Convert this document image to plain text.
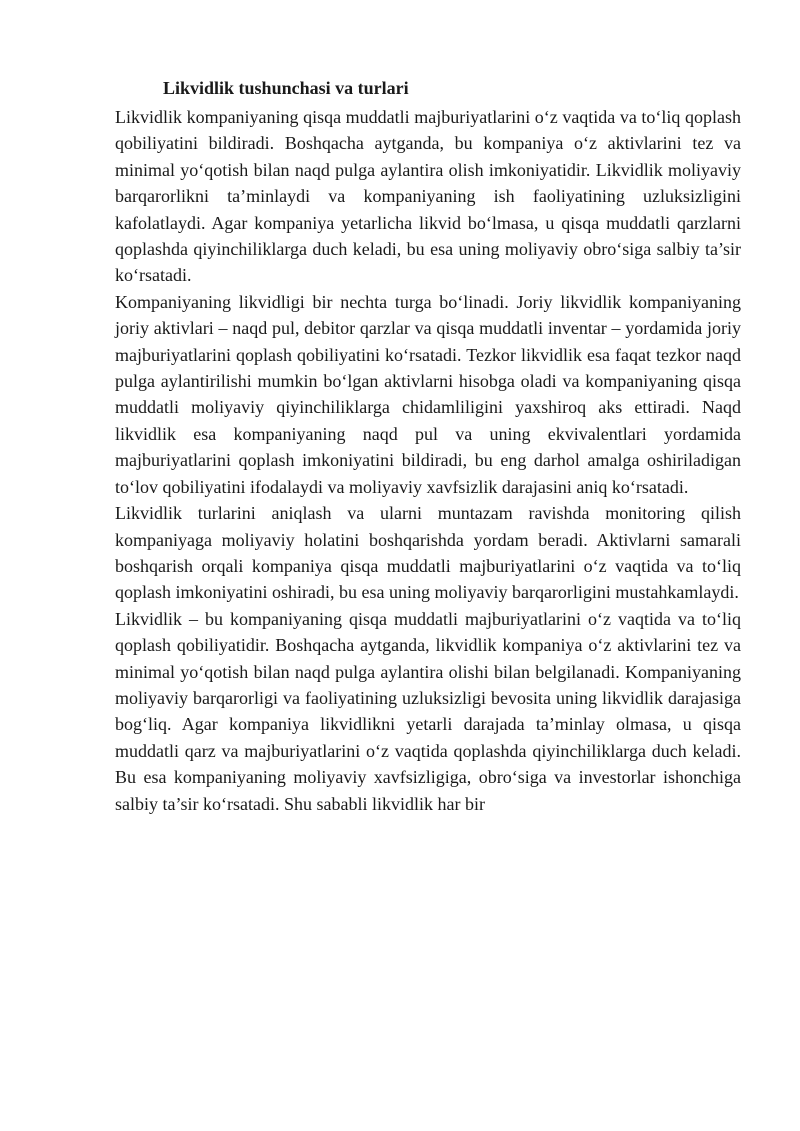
Likvidlik tushunchasi va turlari

Likvidlik kompaniyaning qisqa muddatli majburiyatlarini o‘z vaqtida va to‘liq qoplash qobiliyatini bildiradi. Boshqacha aytganda, bu kompaniya o‘z aktivlarini tez va minimal yo‘qotish bilan naqd pulga aylantira olish imkoniyatidir. Likvidlik moliyaviy barqarorlikni ta’minlaydi va kompaniyaning ish faoliyatining uzluksizligini kafolatlaydi. Agar kompaniya yetarlicha likvid bo‘lmasa, u qisqa muddatli qarzlarni qoplashda qiyinchiliklarga duch keladi, bu esa uning moliyaviy obro‘siga salbiy ta’sir ko‘rsatadi.

Kompaniyaning likvidligi bir nechta turga bo‘linadi. Joriy likvidlik kompaniyaning joriy aktivlari – naqd pul, debitor qarzlar va qisqa muddatli inventar – yordamida joriy majburiyatlarini qoplash qobiliyatini ko‘rsatadi. Tezkor likvidlik esa faqat tezkor naqd pulga aylantirilishi mumkin bo‘lgan aktivlarni hisobga oladi va kompaniyaning qisqa muddatli moliyaviy qiyinchiliklarga chidamliligini yaxshiroq aks ettiradi. Naqd likvidlik esa kompaniyaning naqd pul va uning ekvivalentlari yordamida majburiyatlarini qoplash imkoniyatini bildiradi, bu eng darhol amalga oshiriladigan to‘lov qobiliyatini ifodalaydi va moliyaviy xavfsizlik darajasini aniq ko‘rsatadi.

Likvidlik turlarini aniqlash va ularni muntazam ravishda monitoring qilish kompaniyaga moliyaviy holatini boshqarishda yordam beradi. Aktivlarni samarali boshqarish orqali kompaniya qisqa muddatli majburiyatlarini o‘z vaqtida va to‘liq qoplash imkoniyatini oshiradi, bu esa uning moliyaviy barqarorligini mustahkamlaydi.

Likvidlik – bu kompaniyaning qisqa muddatli majburiyatlarini o‘z vaqtida va to‘liq qoplash qobiliyatidir. Boshqacha aytganda, likvidlik kompaniya o‘z aktivlarini tez va minimal yo‘qotish bilan naqd pulga aylantira olishi bilan belgilanadi. Kompaniyaning moliyaviy barqarorligi va faoliyatining uzluksizligi bevosita uning likvidlik darajasiga bog‘liq. Agar kompaniya likvidlikni yetarli darajada ta’minlay olmasa, u qisqa muddatli qarz va majburiyatlarini o‘z vaqtida qoplashda qiyinchiliklarga duch keladi. Bu esa kompaniyaning moliyaviy xavfsizligiga, obro‘siga va investorlar ishonchiga salbiy ta’sir ko‘rsatadi. Shu sababli likvidlik har bir
